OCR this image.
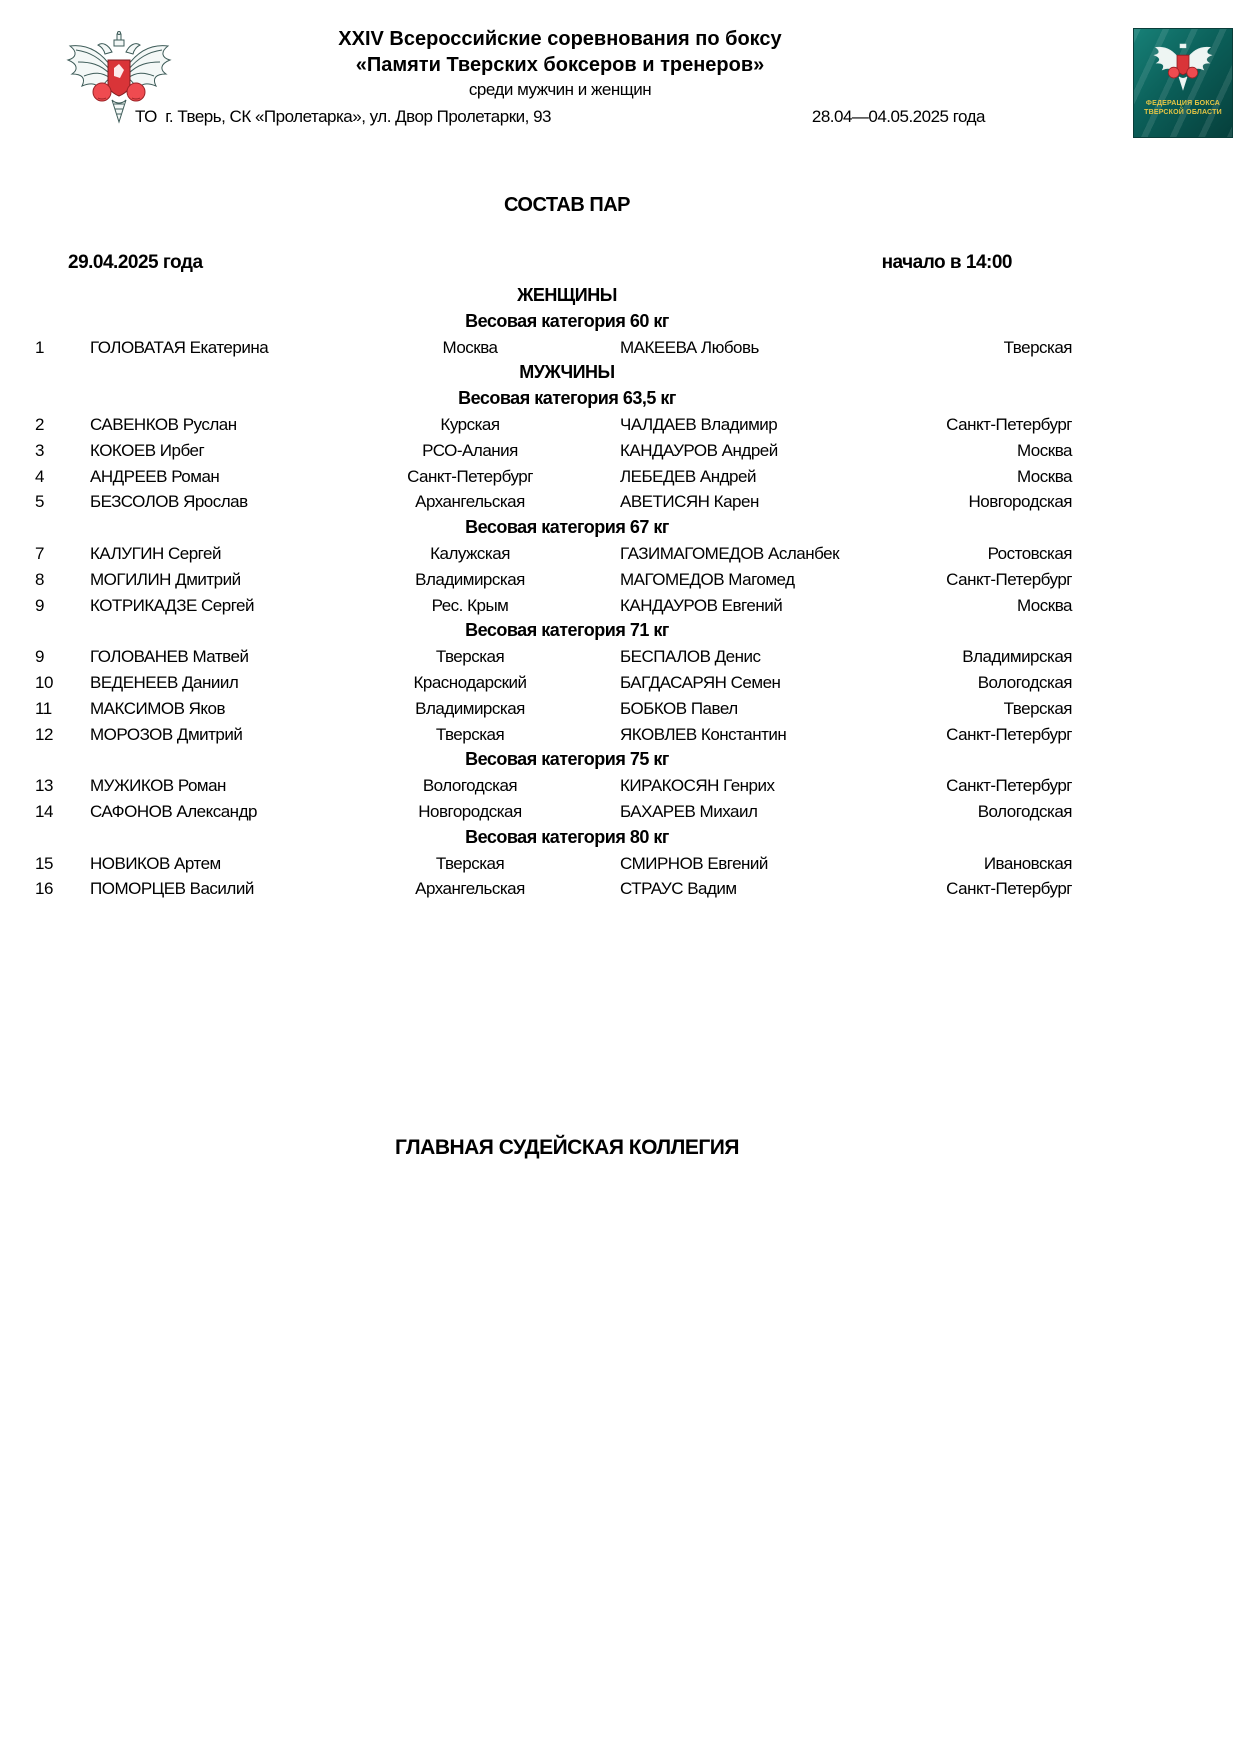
XXIV Всероссийские соревнования по боксу
«Памяти Тверских боксеров и тренеров»
среди мужчин и женщин
ТО  г. Тверь, СК «Пролетарка», ул. Двор Пролетарки, 93	28.04—04.05.2025 года
ФЕДЕРАЦИЯ БОКСА
ТВЕРСКОЙ ОБЛАСТИ
СОСТАВ ПАР
29.04.2025 года	начало в 14:00
ЖЕНЩИНЫ
Весовая категория 60 кг
1	ГОЛОВАТАЯ Екатерина	Москва	МАКЕЕВА Любовь	Тверская
МУЖЧИНЫ
Весовая категория 63,5 кг
2	САВЕНКОВ Руслан	Курская	ЧАЛДАЕВ Владимир	Санкт-Петербург
3	КОКОЕВ Ирбег	РСО-Алания	КАНДАУРОВ Андрей	Москва
4	АНДРЕЕВ Роман	Санкт-Петербург	ЛЕБЕДЕВ Андрей	Москва
5	БЕЗСОЛОВ Ярослав	Архангельская	АВЕТИСЯН Карен	Новгородская
Весовая категория 67 кг
7	КАЛУГИН Сергей	Калужская	ГАЗИМАГОМЕДОВ Асланбек	Ростовская
8	МОГИЛИН Дмитрий	Владимирская	МАГОМЕДОВ Магомед	Санкт-Петербург
9	КОТРИКАДЗЕ Сергей	Рес. Крым	КАНДАУРОВ Евгений	Москва
Весовая категория 71 кг
9	ГОЛОВАНЕВ Матвей	Тверская	БЕСПАЛОВ Денис	Владимирская
10	ВЕДЕНЕЕВ Даниил	Краснодарский	БАГДАСАРЯН Семен	Вологодская
11	МАКСИМОВ Яков	Владимирская	БОБКОВ Павел	Тверская
12	МОРОЗОВ Дмитрий	Тверская	ЯКОВЛЕВ Константин	Санкт-Петербург
Весовая категория 75 кг
13	МУЖИКОВ Роман	Вологодская	КИРАКОСЯН Генрих	Санкт-Петербург
14	САФОНОВ Александр	Новгородская	БАХАРЕВ Михаил	Вологодская
Весовая категория 80 кг
15	НОВИКОВ Артем	Тверская	СМИРНОВ Евгений	Ивановская
16	ПОМОРЦЕВ Василий	Архангельская	СТРАУС Вадим	Санкт-Петербург
ГЛАВНАЯ СУДЕЙСКАЯ КОЛЛЕГИЯ
